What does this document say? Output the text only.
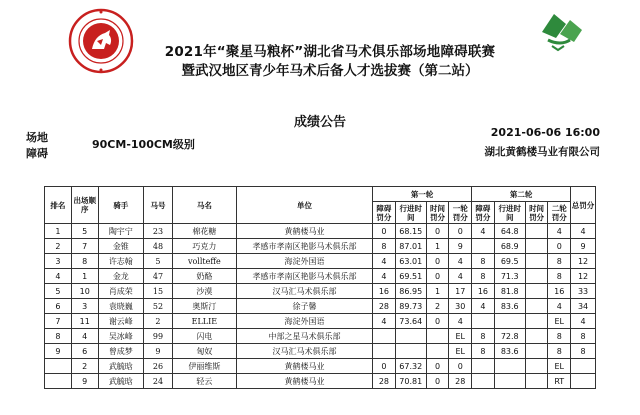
2021年“聚星马粮杯”湖北省马术俱乐部场地障碍联赛
暨武汉地区青少年马术后备人才选拔赛（第二站）
成绩公告
场地
障碍
90CM-100CM级别
2021-06-06 16:00
湖北黄鹤楼马业有限公司
排名	出场顺序	骑手	马号	马名	单位	第一轮				第二轮				总罚分
						障碍罚分	行进时间	时间罚分	一轮罚分	障碍罚分	行进时间	时间罚分	二轮罚分	
1	5	陶宇宁	23	棉花糖	黄鹤楼马业	0	68.15	0	0	4	64.8		4	4
2	7	金锥	48	巧克力	孝感市孝南区艳影马术俱乐部	8	87.01	1	9		68.9		0	9
3	8	许志翰	5	vollteffe	海淀外国语	4	63.01	0	4	8	69.5		8	12
4	1	金龙	47	奶酪	孝感市孝南区艳影马术俱乐部	4	69.51	0	4	8	71.3		8	12
5	10	肖成荣	15	沙漠	汉马汇马术俱乐部	16	86.95	1	17	16	81.8		16	33
6	3	袁晓巍	52	奥斯汀	徐子馨	28	89.73	2	30	4	83.6		4	34
7	11	谢云峰	2	ELLIE	海淀外国语	4	73.64	0	4				EL	4
8	4	吴冰峰	99	闪电	中部之星马术俱乐部				EL	8	72.8		8	8
9	6	曾成梦	9	匈奴	汉马汇马术俱乐部				EL	8	83.6		8	8
	2	武毓晗	26	伊丽维斯	黄鹤楼马业	0	67.32	0	0				EL	
	9	武毓晗	24	轻云	黄鹤楼马业	28	70.81	0	28				RT	
